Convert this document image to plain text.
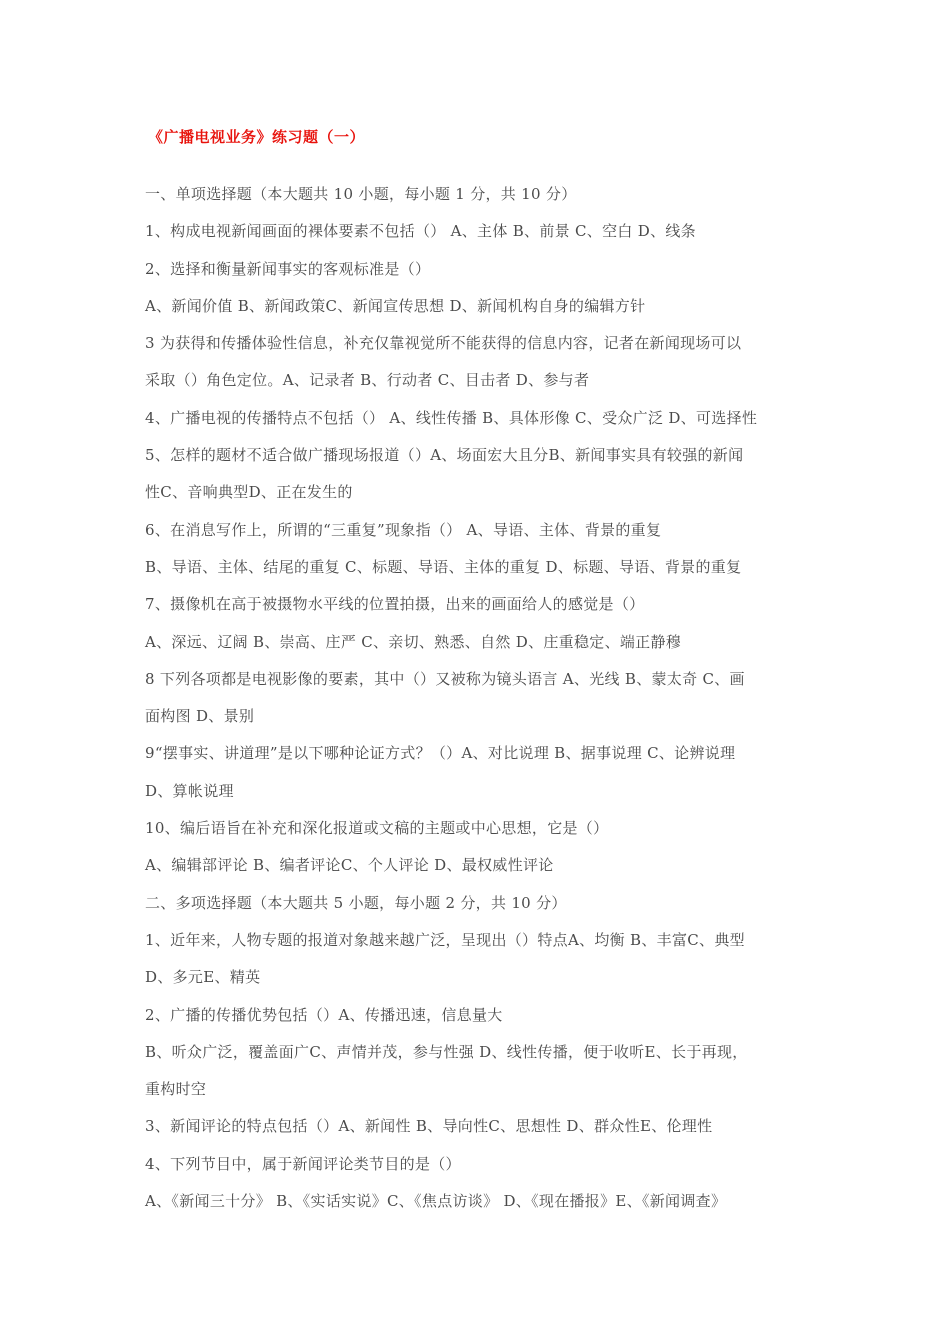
《广播电视业务》练习题（一）
一、单项选择题（本大题共 10 小题，每小题 1 分，共 10 分）
1、构成电视新闻画面的裸体要素不包括（） A、主体 B、前景 C、空白 D、线条
2、选择和衡量新闻事实的客观标准是（）
A、新闻价值 B、新闻政策C、新闻宣传思想 D、新闻机构自身的编辑方针
3 为获得和传播体验性信息，补充仅靠视觉所不能获得的信息内容，记者在新闻现场可以
采取（）角色定位。A、记录者 B、行动者 C、目击者 D、参与者
4、广播电视的传播特点不包括（） A、线性传播 B、具体形像 C、受众广泛 D、可选择性
5、怎样的题材不适合做广播现场报道（）A、场面宏大且分B、新闻事实具有较强的新闻
性C、音响典型D、正在发生的
6、在消息写作上，所谓的“三重复”现象指（） A、导语、主体、背景的重复
B、导语、主体、结尾的重复 C、标题、导语、主体的重复 D、标题、导语、背景的重复
7、摄像机在高于被摄物水平线的位置拍摄，出来的画面给人的感觉是（）
A、深远、辽阔 B、崇高、庄严 C、亲切、熟悉、自然 D、庄重稳定、端正静穆
8 下列各项都是电视影像的要素，其中（）又被称为镜头语言 A、光线 B、蒙太奇 C、画
面构图 D、景别
9“摆事实、讲道理”是以下哪种论证方式？（）A、对比说理 B、据事说理 C、论辨说理
D、算帐说理
10、编后语旨在补充和深化报道或文稿的主题或中心思想，它是（）
A、编辑部评论 B、编者评论C、个人评论 D、最权威性评论
二、多项选择题（本大题共 5 小题，每小题 2 分，共 10 分）
1、近年来，人物专题的报道对象越来越广泛，呈现出（）特点A、均衡 B、丰富C、典型
D、多元E、精英
2、广播的传播优势包括（）A、传播迅速，信息量大
B、听众广泛，覆盖面广C、声情并茂，参与性强 D、线性传播，便于收听E、长于再现，
重构时空
3、新闻评论的特点包括（）A、新闻性 B、导向性C、思想性 D、群众性E、伦理性
4、下列节目中，属于新闻评论类节目的是（）
A、《新闻三十分》 B、《实话实说》C、《焦点访谈》 D、《现在播报》E、《新闻调查》
